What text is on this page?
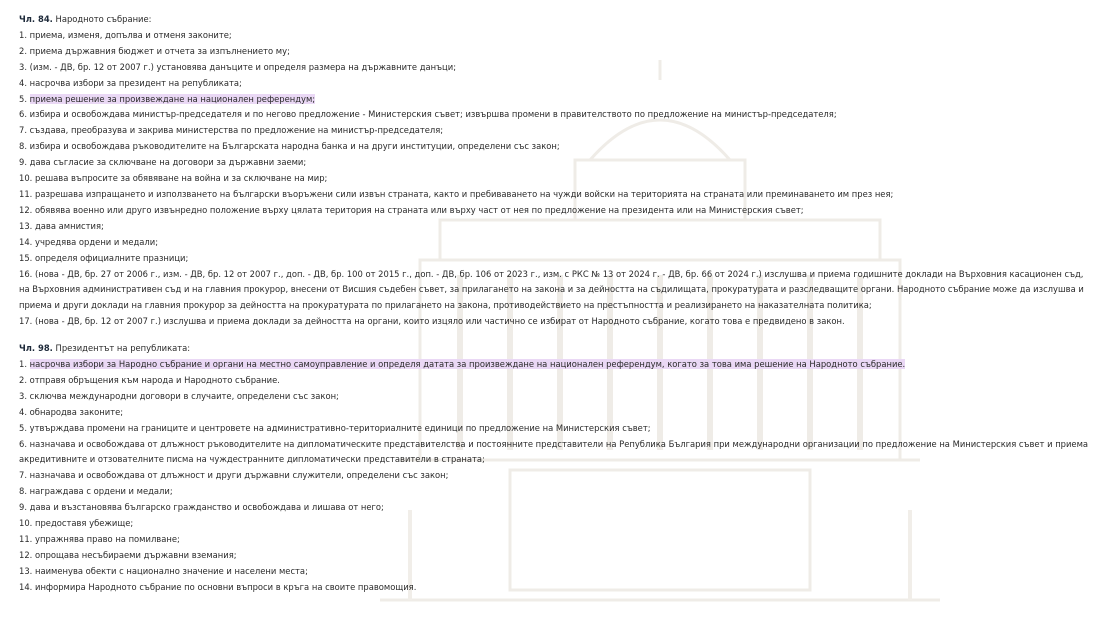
Чл. 84. Народното събрание:
1. приема, изменя, допълва и отменя законите;
2. приема държавния бюджет и отчета за изпълнението му;
3. (изм. - ДВ, бр. 12 от 2007 г.) установява данъците и определя размера на държавните данъци;
4. насрочва избори за президент на републиката;
5. приема решение за произвеждане на национален референдум;
6. избира и освобождава министър-председателя и по негово предложение - Министерския съвет; извършва промени в правителството по предложение на министър-председателя;
7. създава, преобразува и закрива министерства по предложение на министър-председателя;
8. избира и освобождава ръководителите на Българската народна банка и на други институции, определени със закон;
9. дава съгласие за сключване на договори за държавни заеми;
10. решава въпросите за обявяване на война и за сключване на мир;
11. разрешава изпращането и използването на български въоръжени сили извън страната, както и пребиваването на чужди войски на територията на страната или преминаването им през нея;
12. обявява военно или друго извънредно положение върху цялата територия на страната или върху част от нея по предложение на президента или на Министерския съвет;
13. дава амнистия;
14. учредява ордени и медали;
15. определя официалните празници;
16. (нова - ДВ, бр. 27 от 2006 г., изм. - ДВ, бр. 12 от 2007 г., доп. - ДВ, бр. 100 от 2015 г., доп. - ДВ, бр. 106 от 2023 г., изм. с РКС № 13 от 2024 г. - ДВ, бр. 66 от 2024 г.) изслушва и приема годишните доклади на Върховния касационен съд, на Върховния административен съд и на главния прокурор, внесени от Висшия съдебен съвет, за прилагането на закона и за дейността на съдилищата, прокуратурата и разследващите органи. Народното събрание може да изслушва и приема и други доклади на главния прокурор за дейността на прокуратурата по прилагането на закона, противодействието на престъпността и реализирането на наказателната политика;
17. (нова - ДВ, бр. 12 от 2007 г.) изслушва и приема доклади за дейността на органи, които изцяло или частично се избират от Народното събрание, когато това е предвидено в закон.
Чл. 98. Президентът на републиката:
1. насрочва избори за Народно събрание и органи на местно самоуправление и определя датата за произвеждане на национален референдум, когато за това има решение на Народното събрание.
2. отправя обръщения към народа и Народното събрание.
3. сключва международни договори в случаите, определени със закон;
4. обнародва законите;
5. утвърждава промени на границите и центровете на административно-териториалните единици по предложение на Министерския съвет;
6. назначава и освобождава от длъжност ръководителите на дипломатическите представителства и постоянните представители на Република България при международни организации по предложение на Министерския съвет и приема акредитивните и отзователните писма на чуждестранните дипломатически представители в страната;
7. назначава и освобождава от длъжност и други държавни служители, определени със закон;
8. награждава с ордени и медали;
9. дава и възстановява българско гражданство и освобождава и лишава от него;
10. предоставя убежище;
11. упражнява право на помилване;
12. опрощава несъбираеми държавни вземания;
13. наименува обекти с национално значение и населени места;
14. информира Народното събрание по основни въпроси в кръга на своите правомощия.
